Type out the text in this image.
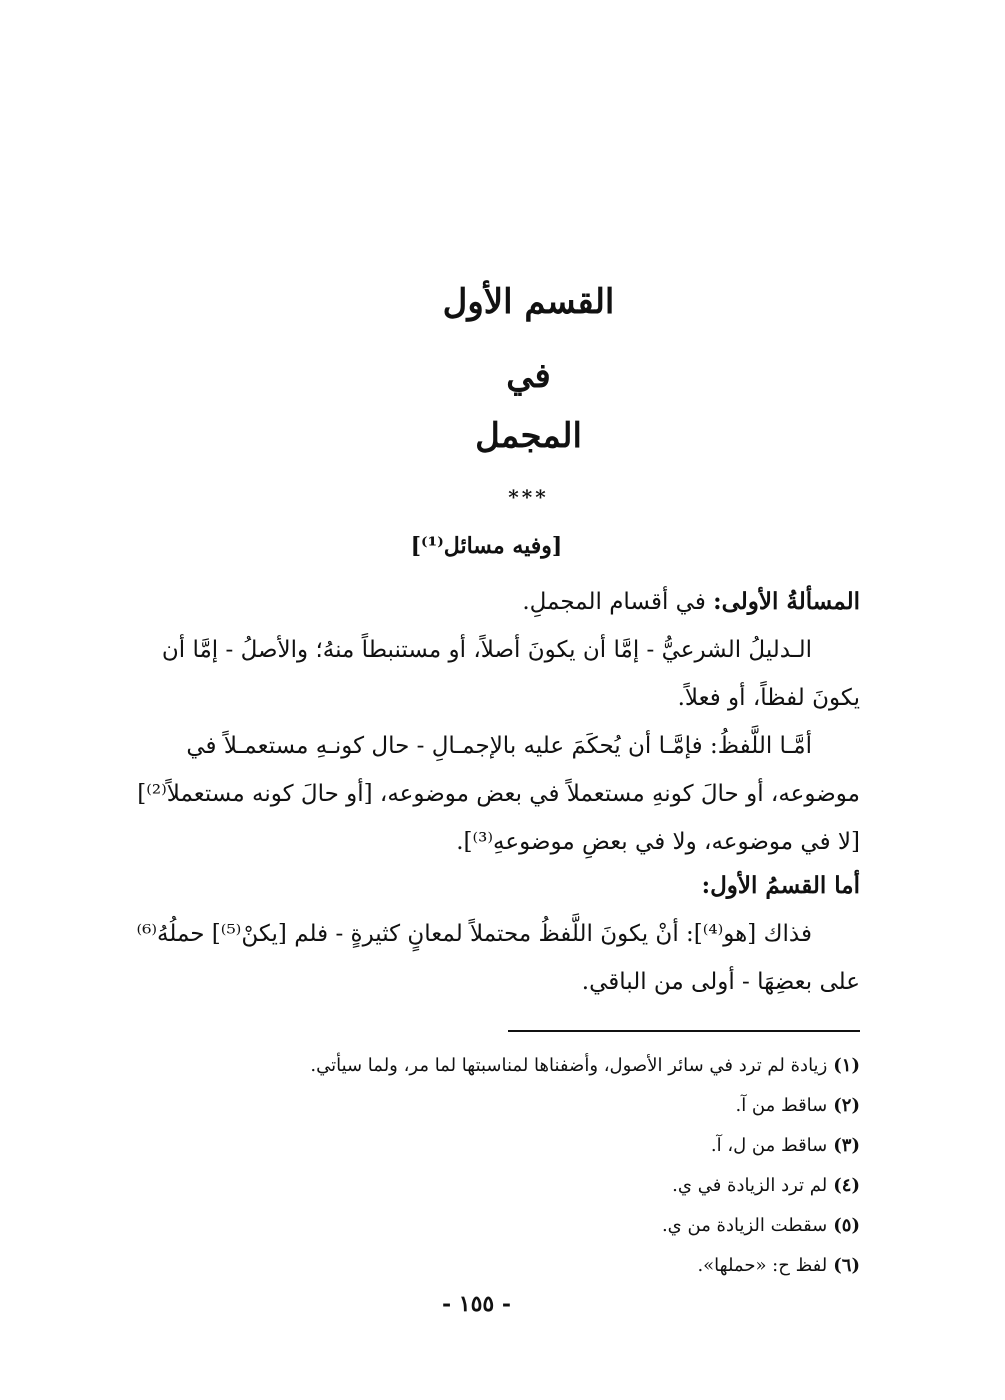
القسم الأول
في
المجمل
***
[وفيه مسائل⁽¹⁾]
المسألةُ الأولى: في أقسام المجملِ.
الـدليلُ الشرعيُّ - إمَّا أن يكونَ أصلاً، أو مستنبطاً منهُ؛ والأصلُ - إمَّا أن
يكونَ لفظاً، أو فعلاً.
أمَّـا اللَّفظُ: فإمَّـا أن يُحكَمَ عليه بالإجمـالِ - حال كونـهِ مستعمـلاً في
موضوعه، أو حالَ كونهِ مستعملاً في بعض موضوعه، [أو حالَ كونه مستعملاً⁽²⁾]
[لا في موضوعه، ولا في بعضِ موضوعهِ⁽³⁾].
أما القسمُ الأول:
فذاك [هو⁽⁴⁾]: أنْ يكونَ اللَّفظُ محتملاً لمعانٍ كثيرةٍ - فلم [يكنْ⁽⁵⁾] حملُهُ⁽⁶⁾
على بعضِهَا - أولى من الباقي.
(١)زيادة لم ترد في سائر الأصول، وأضفناها لمناسبتها لما مر، ولما سيأتي.
(٢)ساقط من آ.
(٣)ساقط من ل، آ.
(٤)لم ترد الزيادة في ي.
(٥)سقطت الزيادة من ي.
(٦)لفظ ح: «حملها».
- ١٥٥ -
